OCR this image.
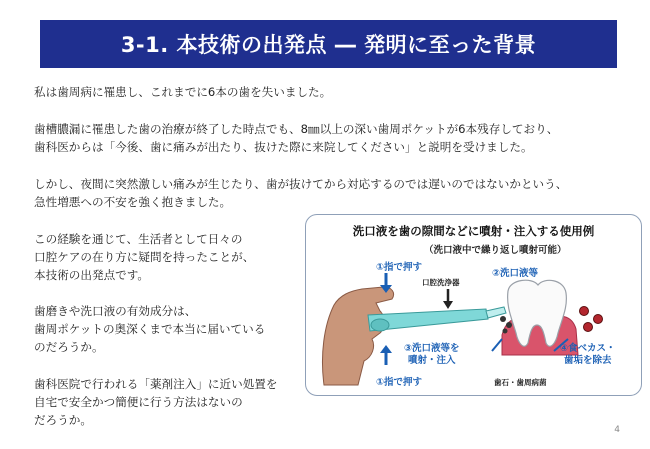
3-1. 本技術の出発点 ― 発明に至った背景
私は歯周病に罹患し、これまでに6本の歯を失いました。
歯槽膿漏に罹患した歯の治療が終了した時点でも、8㎜以上の深い歯周ポケットが6本残存しており、
歯科医からは「今後、歯に痛みが出たり、抜けた際に来院してください」と説明を受けました。
しかし、夜間に突然激しい痛みが生じたり、歯が抜けてから対応するのでは遅いのではないかという、
急性増悪への不安を強く抱きました。
この経験を通じて、生活者として日々の
口腔ケアの在り方に疑問を持ったことが、
本技術の出発点です。
歯磨きや洗口液の有効成分は、
歯周ポケットの奥深くまで本当に届いている
のだろうか。
歯科医院で行われる「薬剤注入」に近い処置を
自宅で安全かつ簡便に行う方法はないの
だろうか。
洗口液を歯の隙間などに噴射・注入する使用例
（洗口液中で繰り返し噴射可能）
①指で押す
口腔洗浄器
②洗口液等
③洗口液等を
噴射・注入
④食べカス・
歯垢を除去
①指で押す	歯石・歯周病菌
4
